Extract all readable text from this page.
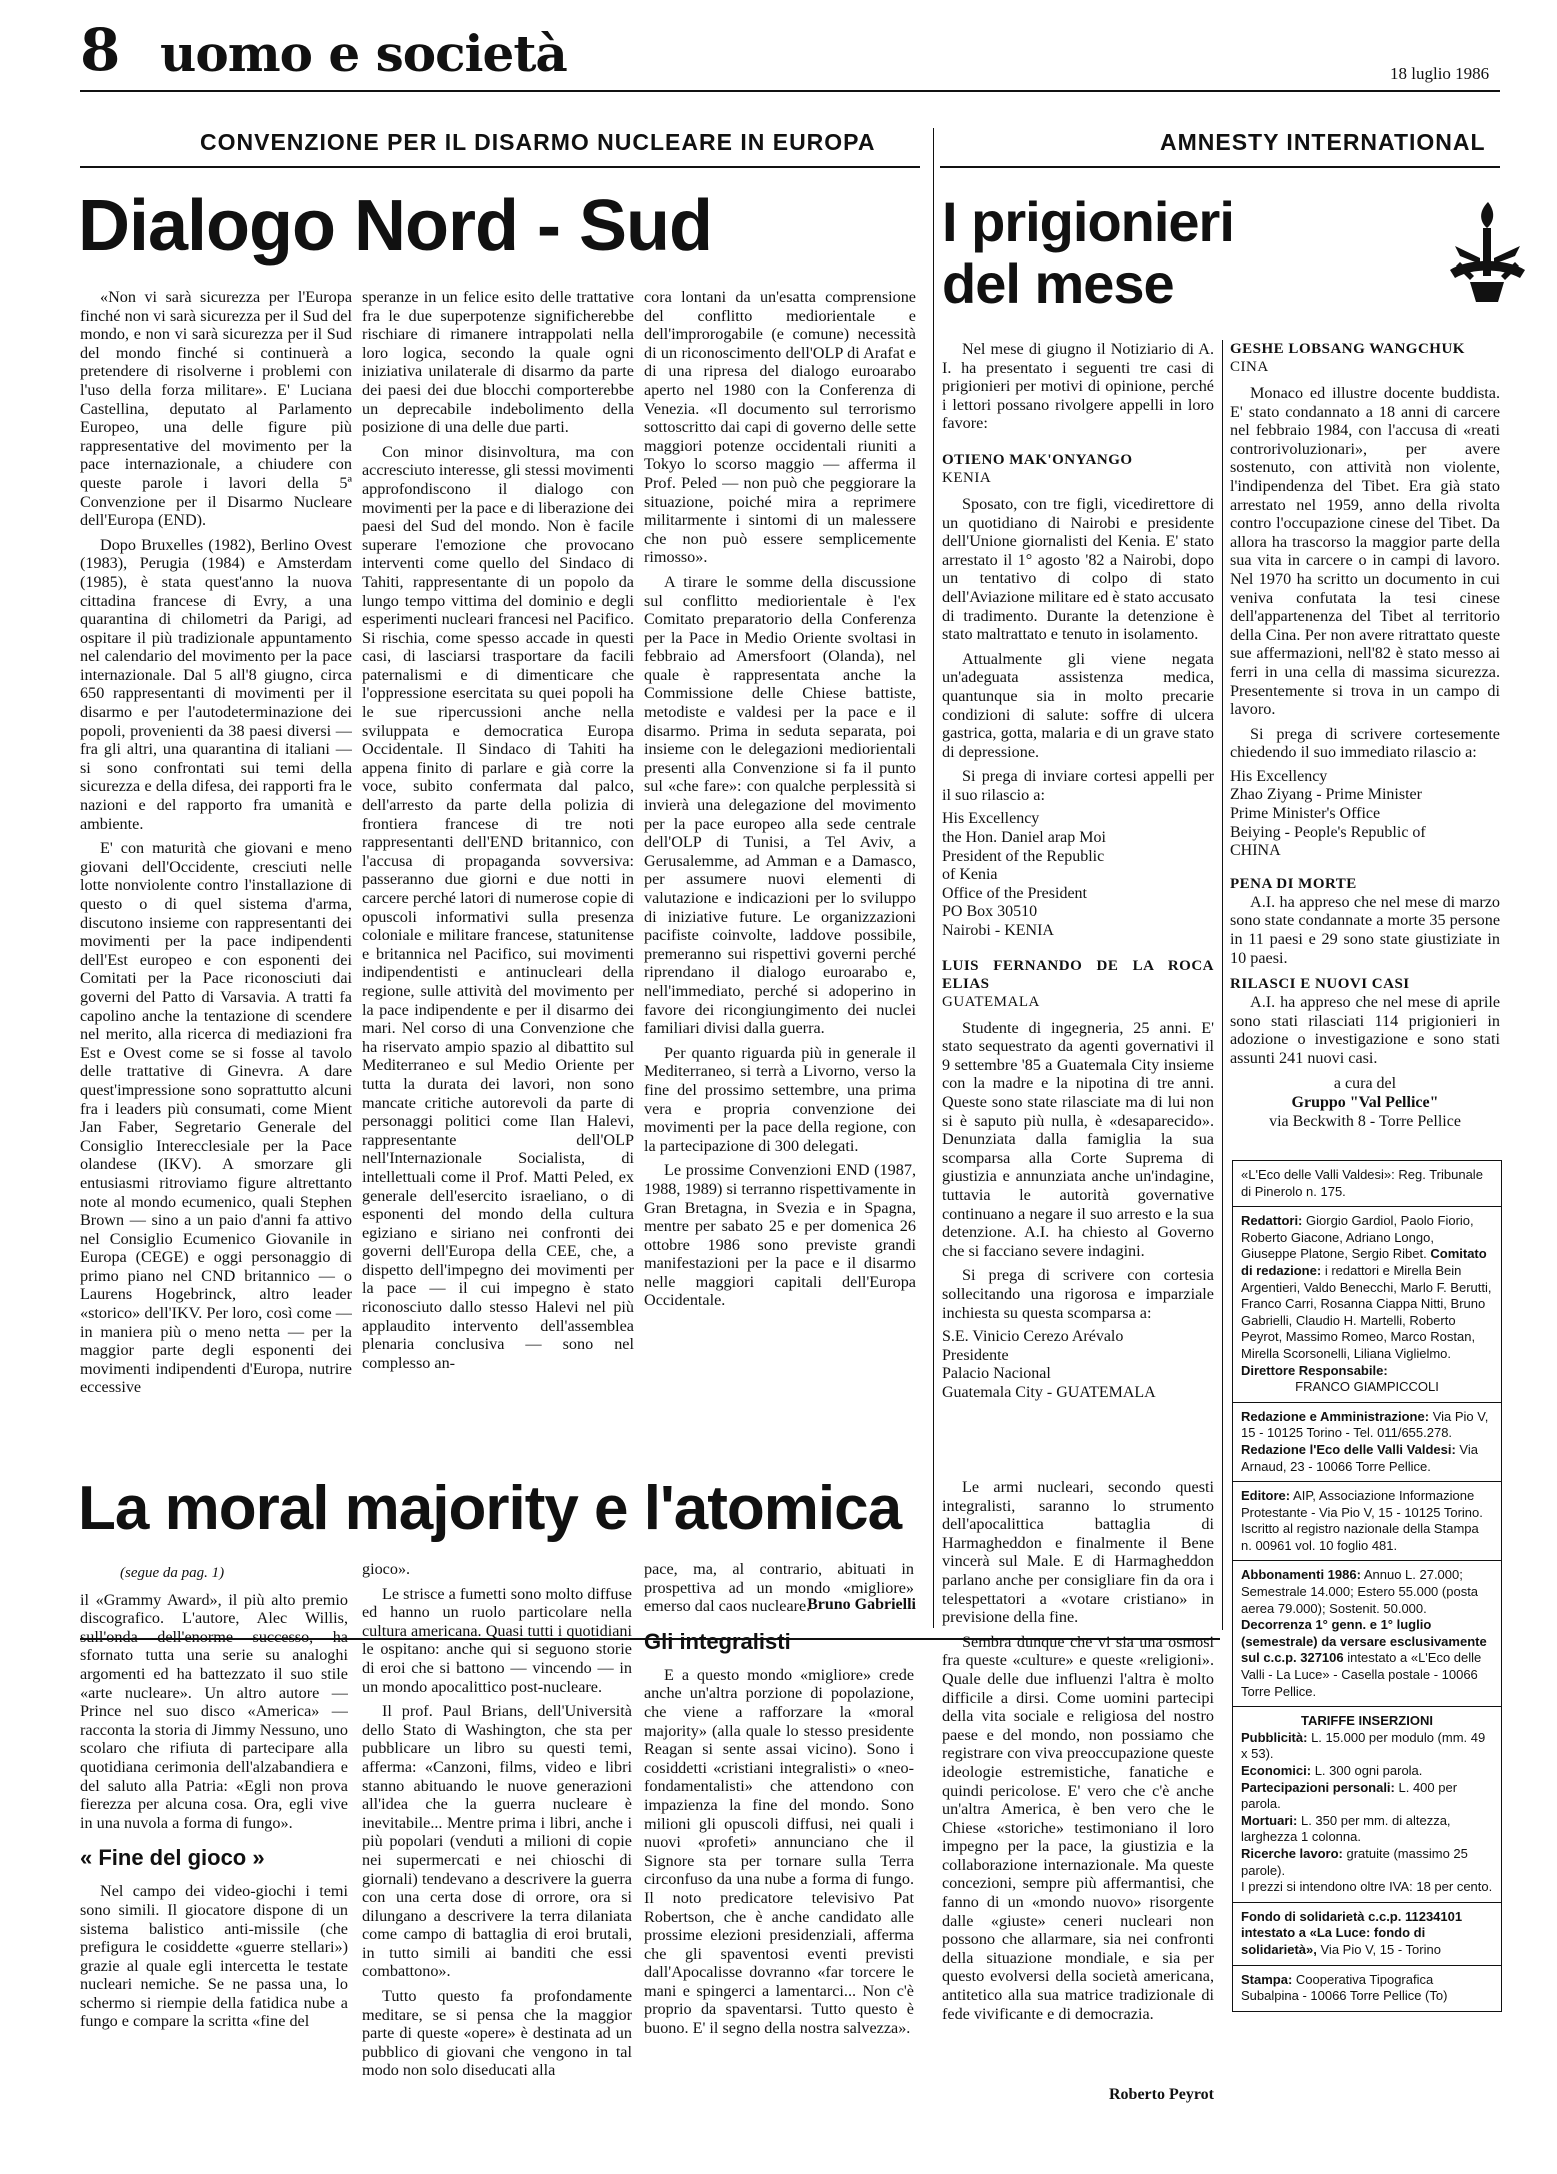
8 uomo e società	18 luglio 1986
CONVENZIONE PER IL DISARMO NUCLEARE IN EUROPA
Dialogo Nord - Sud

«Non vi sarà sicurezza per l'Europa finché non vi sarà sicurezza per il Sud del mondo, e non vi sarà sicurezza per il Sud del mondo finché si continuerà a pretendere di risolverne i problemi con l'uso della forza militare». E' Luciana Castellina, deputato al Parlamento Europeo, una delle figure più rappresentative del movimento per la pace internazionale, a chiudere con queste parole i lavori della 5ª Convenzione per il Disarmo Nucleare dell'Europa (END).

Dopo Bruxelles (1982), Berlino Ovest (1983), Perugia (1984) e Amsterdam (1985), è stata quest'anno la nuova cittadina francese di Evry, a una quarantina di chilometri da Parigi, ad ospitare il più tradizionale appuntamento nel calendario del movimento per la pace internazionale. Dal 5 all'8 giugno, circa 650 rappresentanti di movimenti per il disarmo e per l'autodeterminazione dei popoli, provenienti da 38 paesi diversi — fra gli altri, una quarantina di italiani — si sono confrontati sui temi della sicurezza e della difesa, dei rapporti fra le nazioni e del rapporto fra umanità e ambiente.

E' con maturità che giovani e meno giovani dell'Occidente, cresciuti nelle lotte nonviolente contro l'installazione di questo o di quel sistema d'arma, discutono insieme con rappresentanti dei movimenti per la pace indipendenti dell'Est europeo e con esponenti dei Comitati per la Pace riconosciuti dai governi del Patto di Varsavia. A tratti fa capolino anche la tentazione di scendere nel merito, alla ricerca di mediazioni fra Est e Ovest come se si fosse al tavolo delle trattative di Ginevra. A dare quest'impressione sono soprattutto alcuni fra i leaders più consumati, come Mient Jan Faber, Segretario Generale del Consiglio Interecclesiale per la Pace olandese (IKV). A smorzare gli entusiasmi ritroviamo figure altrettanto note al mondo ecumenico, quali Stephen Brown — sino a un paio d'anni fa attivo nel Consiglio Ecumenico Giovanile in Europa (CEGE) e oggi personaggio di primo piano nel CND britannico — o Laurens Hogebrinck, altro leader «storico» dell'IKV. Per loro, così come — in maniera più o meno netta — per la maggior parte degli esponenti dei movimenti indipendenti d'Europa, nutrire eccessive

speranze in un felice esito delle trattative fra le due superpotenze significherebbe rischiare di rimanere intrappolati nella loro logica, secondo la quale ogni iniziativa unilaterale di disarmo da parte dei paesi dei due blocchi comporterebbe un deprecabile indebolimento della posizione di una delle due parti.

Con minor disinvoltura, ma con accresciuto interesse, gli stessi movimenti approfondiscono il dialogo con movimenti per la pace e di liberazione dei paesi del Sud del mondo. Non è facile superare l'emozione che provocano interventi come quello del Sindaco di Tahiti, rappresentante di un popolo da lungo tempo vittima del dominio e degli esperimenti nucleari francesi nel Pacifico. Si rischia, come spesso accade in questi casi, di lasciarsi trasportare da facili paternalismi e di dimenticare che l'oppressione esercitata su quei popoli ha le sue ripercussioni anche nella sviluppata e democratica Europa Occidentale. Il Sindaco di Tahiti ha appena finito di parlare e già corre la voce, subito confermata dal palco, dell'arresto da parte della polizia di frontiera francese di tre noti rappresentanti dell'END britannico, con l'accusa di propaganda sovversiva: passeranno due giorni e due notti in carcere perché latori di numerose copie di opuscoli informativi sulla presenza coloniale e militare francese, statunitense e britannica nel Pacifico, sui movimenti indipendentisti e antinucleari della regione, sulle attività del movimento per la pace indipendente e per il disarmo dei mari. Nel corso di una Convenzione che ha riservato ampio spazio al dibattito sul Mediterraneo e sul Medio Oriente per tutta la durata dei lavori, non sono mancate critiche autorevoli da parte di personaggi politici come Ilan Halevi, rappresentante dell'OLP nell'Internazionale Socialista, di intellettuali come il Prof. Matti Peled, ex generale dell'esercito israeliano, o di esponenti del mondo della cultura egiziano e siriano nei confronti dei governi dell'Europa della CEE, che, a dispetto dell'impegno dei movimenti per la pace — il cui impegno è stato riconosciuto dallo stesso Halevi nel più applaudito intervento dell'assemblea plenaria conclusiva — sono nel complesso an-

cora lontani da un'esatta comprensione del conflitto mediorientale e dell'improrogabile (e comune) necessità di un riconoscimento dell'OLP di Arafat e di una ripresa del dialogo euroarabo aperto nel 1980 con la Conferenza di Venezia. «Il documento sul terrorismo sottoscritto dai capi di governo delle sette maggiori potenze occidentali riuniti a Tokyo lo scorso maggio — afferma il Prof. Peled — non può che peggiorare la situazione, poiché mira a reprimere militarmente i sintomi di un malessere che non può essere semplicemente rimosso».

A tirare le somme della discussione sul conflitto mediorientale è l'ex Comitato preparatorio della Conferenza per la Pace in Medio Oriente svoltasi in febbraio ad Amersfoort (Olanda), nel quale è rappresentata anche la Commissione delle Chiese battiste, metodiste e valdesi per la pace e il disarmo. Prima in seduta separata, poi insieme con le delegazioni mediorientali presenti alla Convenzione si fa il punto sul «che fare»: con qualche perplessità si invierà una delegazione del movimento per la pace europeo alla sede centrale dell'OLP di Tunisi, a Tel Aviv, a Gerusalemme, ad Amman e a Damasco, per assumere nuovi elementi di valutazione e indicazioni per lo sviluppo di iniziative future. Le organizzazioni pacifiste coinvolte, laddove possibile, premeranno sui rispettivi governi perché riprendano il dialogo euroarabo e, nell'immediato, perché si adoperino in favore dei ricongiungimento dei nuclei familiari divisi dalla guerra.

Per quanto riguarda più in generale il Mediterraneo, si terrà a Livorno, verso la fine del prossimo settembre, una prima vera e propria convenzione dei movimenti per la pace della regione, con la partecipazione di 300 delegati.

Le prossime Convenzioni END (1987, 1988, 1989) si terranno rispettivamente in Gran Bretagna, in Svezia e in Spagna, mentre per sabato 25 e per domenica 26 ottobre 1986 sono previste grandi manifestazioni per la pace e il disarmo nelle maggiori capitali dell'Europa Occidentale.

Bruno Gabrielli
AMNESTY INTERNATIONAL
I prigionieri
del mese

Nel mese di giugno il Notiziario di A. I. ha presentato i seguenti tre casi di prigionieri per motivi di opinione, perché i lettori possano rivolgere appelli in loro favore:

OTIENO MAK'ONYANGO
KENIA

Sposato, con tre figli, vicedirettore di un quotidiano di Nairobi e presidente dell'Unione giornalisti del Kenia. E' stato arrestato il 1° agosto '82 a Nairobi, dopo un tentativo di colpo di stato dell'Aviazione militare ed è stato accusato di tradimento. Durante la detenzione è stato maltrattato e tenuto in isolamento.

Attualmente gli viene negata un'adeguata assistenza medica, quantunque sia in molto precarie condizioni di salute: soffre di ulcera gastrica, gotta, malaria e di un grave stato di depressione.

Si prega di inviare cortesi appelli per il suo rilascio a:

His Excellency
the Hon. Daniel arap Moi
President of the Republic
of Kenia
Office of the President
PO Box 30510
Nairobi - KENIA
LUIS FERNANDO DE LA ROCA ELIAS
GUATEMALA

Studente di ingegneria, 25 anni. E' stato sequestrato da agenti governativi il 9 settembre '85 a Guatemala City insieme con la madre e la nipotina di tre anni. Queste sono state rilasciate ma di lui non si è saputo più nulla, è «desaparecido». Denunziata dalla famiglia la sua scomparsa alla Corte Suprema di giustizia e annunziata anche un'indagine, tuttavia le autorità governative continuano a negare il suo arresto e la sua detenzione. A.I. ha chiesto al Governo che si facciano severe indagini.

Si prega di scrivere con cortesia sollecitando una rigorosa e imparziale inchiesta su questa scomparsa a:

S.E. Vinicio Cerezo Arévalo
Presidente
Palacio Nacional
Guatemala City - GUATEMALA
GESHE LOBSANG WANGCHUK
CINA

Monaco ed illustre docente buddista. E' stato condannato a 18 anni di carcere nel febbraio 1984, con l'accusa di «reati controrivoluzionari», per avere sostenuto, con attività non violente, l'indipendenza del Tibet. Era già stato arrestato nel 1959, anno della rivolta contro l'occupazione cinese del Tibet. Da allora ha trascorso la maggior parte della sua vita in carcere o in campi di lavoro. Nel 1970 ha scritto un documento in cui veniva confutata la tesi cinese dell'appartenenza del Tibet al territorio della Cina. Per non avere ritrattato queste sue affermazioni, nell'82 è stato messo ai ferri in una cella di massima sicurezza. Presentemente si trova in un campo di lavoro.

Si prega di scrivere cortesemente chiedendo il suo immediato rilascio a:

His Excellency
Zhao Ziyang - Prime Minister
Prime Minister's Office
Beiying - People's Republic of
CHINA
PENA DI MORTE

A.I. ha appreso che nel mese di marzo sono state condannate a morte 35 persone in 11 paesi e 29 sono state giustiziate in 10 paesi.

RILASCI E NUOVI CASI

A.I. ha appreso che nel mese di aprile sono stati rilasciati 114 prigionieri in adozione o investigazione e sono stati assunti 241 nuovi casi.

a cura del
Gruppo "Val Pellice"
via Beckwith 8 - Torre Pellice
«L'Eco delle Valli Valdesi»: Reg. Tribunale di Pinerolo n. 175.
Redattori: Giorgio Gardiol, Paolo Fiorio, Roberto Giacone, Adriano Longo, Giuseppe Platone, Sergio Ribet. Comitato di redazione: i redattori e Mirella Bein Argentieri, Valdo Benecchi, Marlo F. Berutti, Franco Carri, Rosanna Ciappa Nitti, Bruno Gabrielli, Claudio H. Martelli, Roberto Peyrot, Massimo Romeo, Marco Rostan, Mirella Scorsonelli, Liliana Viglielmo.
Direttore Responsabile:
FRANCO GIAMPICCOLI
Redazione e Amministrazione: Via Pio V, 15 - 10125 Torino - Tel. 011/655.278.
Redazione l'Eco delle Valli Valdesi: Via Arnaud, 23 - 10066 Torre Pellice.
Editore: AIP, Associazione Informazione Protestante - Via Pio V, 15 - 10125 Torino. Iscritto al registro nazionale della Stampa n. 00961 vol. 10 foglio 481.
Abbonamenti 1986: Annuo L. 27.000; Semestrale 14.000; Estero 55.000 (posta aerea 79.000); Sostenit. 50.000. Decorrenza 1° genn. e 1° luglio (semestrale) da versare esclusivamente sul c.c.p. 327106 intestato a «L'Eco delle Valli - La Luce» - Casella postale - 10066 Torre Pellice.
TARIFFE INSERZIONI
Pubblicità: L. 15.000 per modulo (mm. 49 x 53).
Economici: L. 300 ogni parola.
Partecipazioni personali: L. 400 per parola.
Mortuari: L. 350 per mm. di altezza, larghezza 1 colonna.
Ricerche lavoro: gratuite (massimo 25 parole).
I prezzi si intendono oltre IVA: 18 per cento.
Fondo di solidarietà c.c.p. 11234101 intestato a «La Luce: fondo di solidarietà», Via Pio V, 15 - Torino
Stampa: Cooperativa Tipografica Subalpina - 10066 Torre Pellice (To)
La moral majority e l'atomica
(segue da pag. 1)

il «Grammy Award», il più alto premio discografico. L'autore, Alec Willis, sull'onda dell'enorme successo, ha sfornato tutta una serie su analoghi argomenti ed ha battezzato il suo stile «arte nucleare». Un altro autore — Prince nel suo disco «America» — racconta la storia di Jimmy Nessuno, uno scolaro che rifiuta di partecipare alla quotidiana cerimonia dell'alzabandiera e del saluto alla Patria: «Egli non prova fierezza per alcuna cosa. Ora, egli vive in una nuvola a forma di fungo».

« Fine del gioco »

Nel campo dei video-giochi i temi sono simili. Il giocatore dispone di un sistema balistico anti-missile (che prefigura le cosiddette «guerre stellari») grazie al quale egli intercetta le testate nucleari nemiche. Se ne passa una, lo schermo si riempie della fatidica nube a fungo e compare la scritta «fine del

gioco».

Le strisce a fumetti sono molto diffuse ed hanno un ruolo particolare nella cultura americana. Quasi tutti i quotidiani le ospitano: anche qui si seguono storie di eroi che si battono — vincendo — in un mondo apocalittico post-nucleare.

Il prof. Paul Brians, dell'Università dello Stato di Washington, che sta per pubblicare un libro su questi temi, afferma: «Canzoni, films, video e libri stanno abituando le nuove generazioni all'idea che la guerra nucleare è inevitabile... Mentre prima i libri, anche i più popolari (venduti a milioni di copie nei supermercati e nei chioschi di giornali) tendevano a descrivere la guerra con una certa dose di orrore, ora si dilungano a descrivere la terra dilaniata come campo di battaglia di eroi brutali, in tutto simili ai banditi che essi combattono».

Tutto questo fa profondamente meditare, se si pensa che la maggior parte di queste «opere» è destinata ad un pubblico di giovani che vengono in tal modo non solo diseducati alla

pace, ma, al contrario, abituati in prospettiva ad un mondo «migliore» emerso dal caos nucleare.

Gli integralisti

E a questo mondo «migliore» crede anche un'altra porzione di popolazione, che viene a rafforzare la «moral majority» (alla quale lo stesso presidente Reagan si sente assai vicino). Sono i cosiddetti «cristiani integralisti» o «neo-fondamentalisti» che attendono con impazienza la fine del mondo. Sono milioni gli opuscoli diffusi, nei quali i nuovi «profeti» annunciano che il Signore sta per tornare sulla Terra circonfuso da una nube a forma di fungo. Il noto predicatore televisivo Pat Robertson, che è anche candidato alle prossime elezioni presidenziali, afferma che gli spaventosi eventi previsti dall'Apocalisse dovranno «far torcere le mani e spingerci a lamentarci... Non c'è proprio da spaventarsi. Tutto questo è buono. E' il segno della nostra salvezza».

Le armi nucleari, secondo questi integralisti, saranno lo strumento dell'apocalittica battaglia di Harmagheddon e finalmente il Bene vincerà sul Male. E di Harmagheddon parlano anche per consigliare fin da ora i telespettatori a «votare cristiano» in previsione della fine.

Sembra dunque che vi sia una osmosi fra queste «culture» e queste «religioni». Quale delle due influenzi l'altra è molto difficile a dirsi. Come uomini partecipi della vita sociale e religiosa del nostro paese e del mondo, non possiamo che registrare con viva preoccupazione queste ideologie estremistiche, fanatiche e quindi pericolose. E' vero che c'è anche un'altra America, è ben vero che le Chiese «storiche» testimoniano il loro impegno per la pace, la giustizia e la collaborazione internazionale. Ma queste concezioni, sempre più affermantisi, che fanno di un «mondo nuovo» risorgente dalle «giuste» ceneri nucleari non possono che allarmare, sia nei confronti della situazione mondiale, e sia per questo evolversi della società americana, antitetico alla sua matrice tradizionale di fede vivificante e di democrazia.

Roberto Peyrot
